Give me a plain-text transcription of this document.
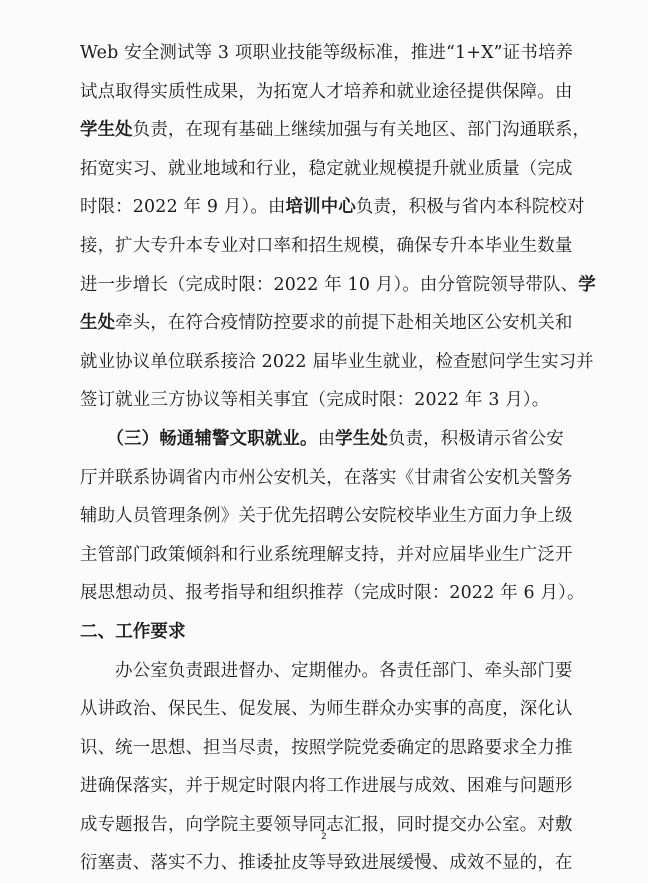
Web 安全测试等 3 项职业技能等级标准，推进“1+X”证书培养

试点取得实质性成果，为拓宽人才培养和就业途径提供保障。由

学生处负责，在现有基础上继续加强与有关地区、部门沟通联系，

拓宽实习、就业地域和行业，稳定就业规模提升就业质量（完成

时限：2022 年 9 月）。由培训中心负责，积极与省内本科院校对

接，扩大专升本专业对口率和招生规模，确保专升本毕业生数量

进一步增长（完成时限：2022 年 10 月）。由分管院领导带队、学

生处牵头，在符合疫情防控要求的前提下赴相关地区公安机关和

就业协议单位联系接洽 2022 届毕业生就业，检查慰问学生实习并

签订就业三方协议等相关事宜（完成时限：2022 年 3 月）。

　　（三）畅通辅警文职就业。由学生处负责，积极请示省公安

厅并联系协调省内市州公安机关，在落实《甘肃省公安机关警务

辅助人员管理条例》关于优先招聘公安院校毕业生方面力争上级

主管部门政策倾斜和行业系统理解支持，并对应届毕业生广泛开

展思想动员、报考指导和组织推荐（完成时限：2022 年 6 月）。

二、工作要求

　　办公室负责跟进督办、定期催办。各责任部门、牵头部门要

从讲政治、保民生、促发展、为师生群众办实事的高度，深化认

识、统一思想、担当尽责，按照学院党委确定的思路要求全力推

进确保落实，并于规定时限内将工作进展与成效、困难与问题形

成专题报告，向学院主要领导同志汇报，同时提交办公室。对敷

衍塞责、落实不力、推诿扯皮等导致进展缓慢、成效不显的，在

2
